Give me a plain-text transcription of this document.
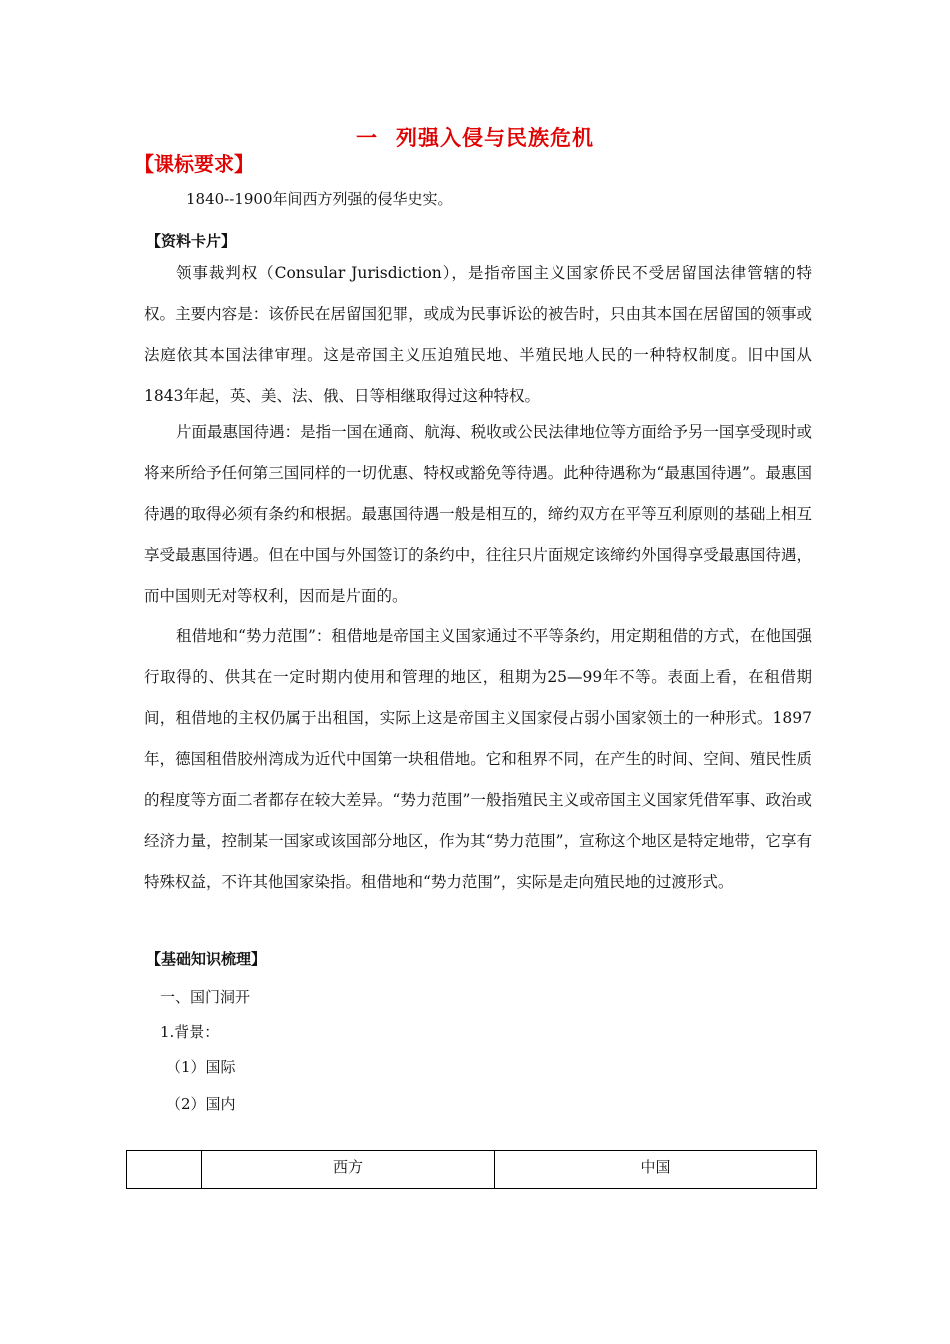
一 列强入侵与民族危机
【课标要求】
1840--1900年间西方列强的侵华史实。
【资料卡片】

领事裁判权（Consular Jurisdiction），是指帝国主义国家侨民不受居留国法律管辖的特权。主要内容是：该侨民在居留国犯罪，或成为民事诉讼的被告时，只由其本国在居留国的领事或法庭依其本国法律审理。这是帝国主义压迫殖民地、半殖民地人民的一种特权制度。旧中国从1843年起，英、美、法、俄、日等相继取得过这种特权。

片面最惠国待遇：是指一国在通商、航海、税收或公民法律地位等方面给予另一国享受现时或将来所给予任何第三国同样的一切优惠、特权或豁免等待遇。此种待遇称为“最惠国待遇”。最惠国待遇的取得必须有条约和根据。最惠国待遇一般是相互的，缔约双方在平等互利原则的基础上相互享受最惠国待遇。但在中国与外国签订的条约中，往往只片面规定该缔约外国得享受最惠国待遇，而中国则无对等权利，因而是片面的。

租借地和“势力范围”：租借地是帝国主义国家通过不平等条约，用定期租借的方式，在他国强行取得的、供其在一定时期内使用和管理的地区，租期为25—99年不等。表面上看，在租借期间，租借地的主权仍属于出租国，实际上这是帝国主义国家侵占弱小国家领土的一种形式。1897年，德国租借胶州湾成为近代中国第一块租借地。它和租界不同，在产生的时间、空间、殖民性质的程度等方面二者都存在较大差异。“势力范围”一般指殖民主义或帝国主义国家凭借军事、政治或经济力量，控制某一国家或该国部分地区，作为其“势力范围”，宣称这个地区是特定地带，它享有特殊权益，不许其他国家染指。租借地和“势力范围”，实际是走向殖民地的过渡形式。

【基础知识梳理】
一、国门洞开
1.背景：
（1）国际
（2）国内
	西方	中国
